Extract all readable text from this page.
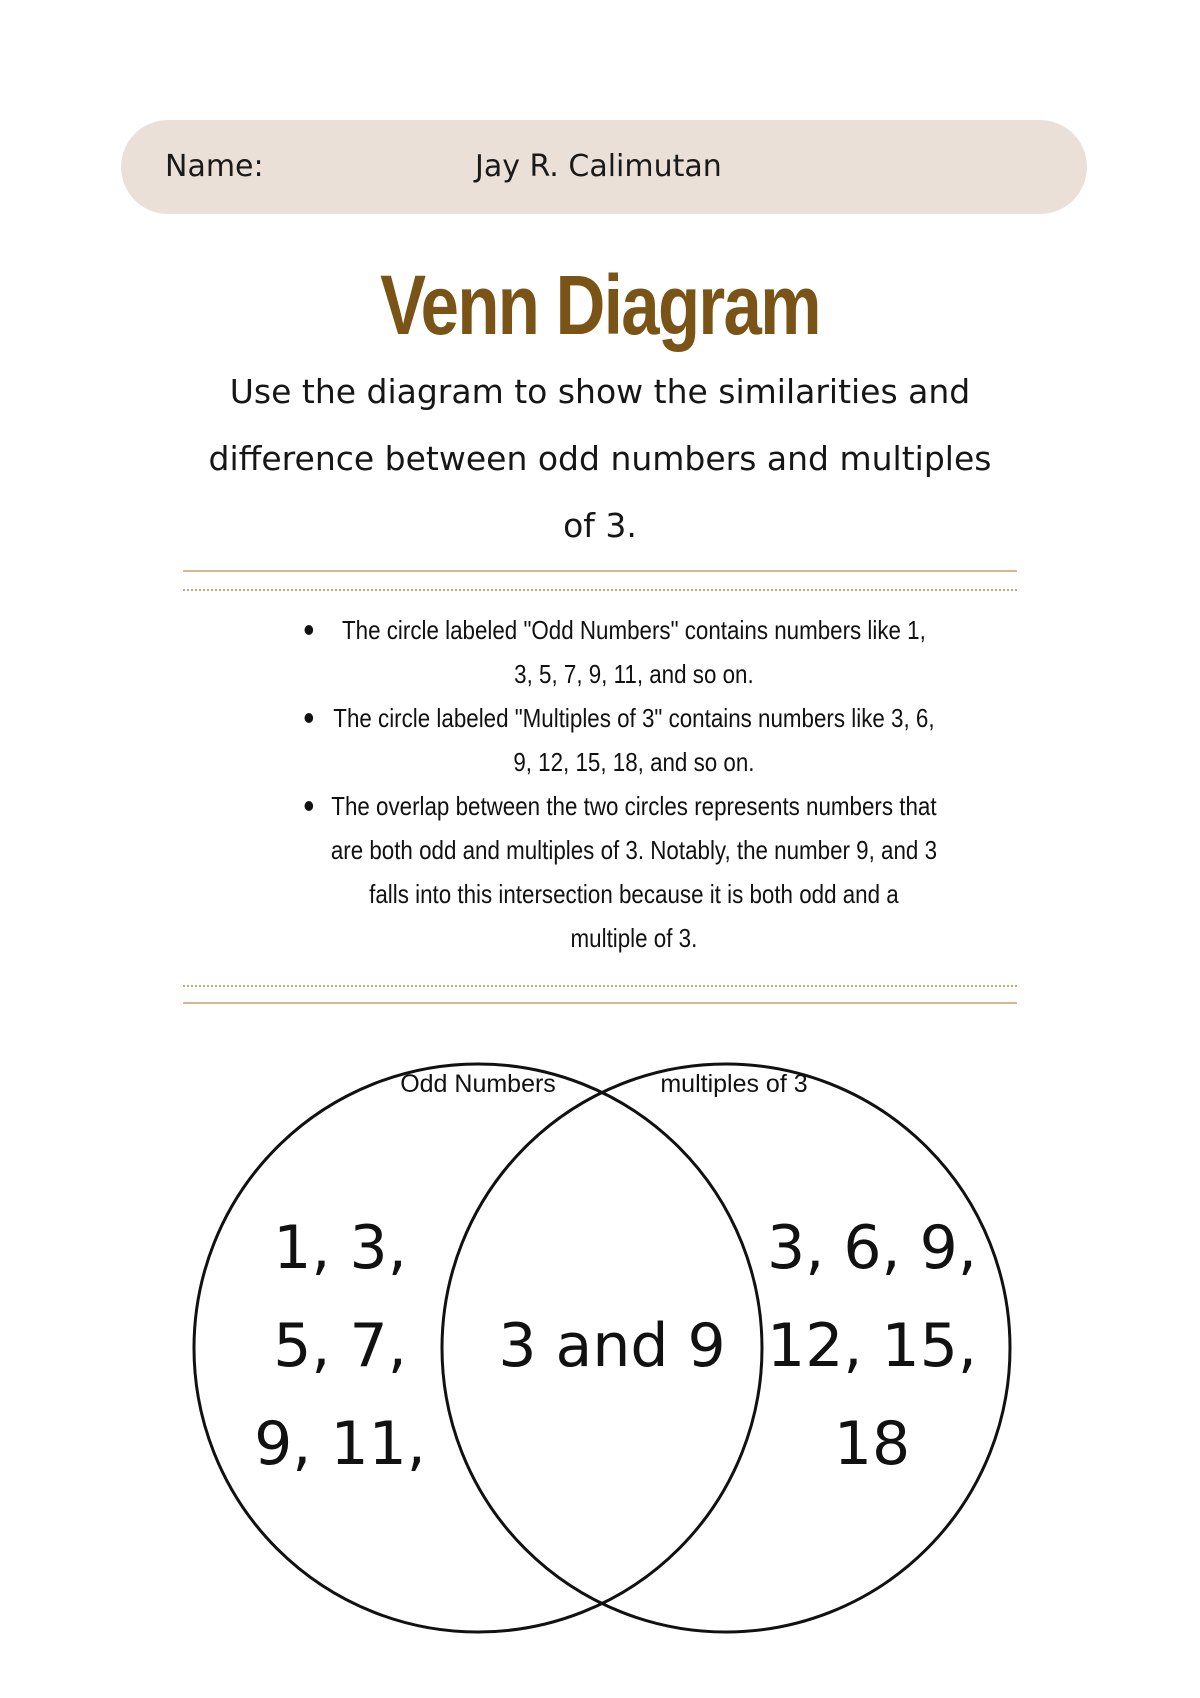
Name:	Jay R. Calimutan
Venn Diagram
Use the diagram to show the similarities and difference between odd numbers and multiples of 3.
The circle labeled "Odd Numbers" contains numbers like 1, 3, 5, 7, 9, 11, and so on.
The circle labeled "Multiples of 3" contains numbers like 3, 6, 9, 12, 15, 18, and so on.
The overlap between the two circles represents numbers that are both odd and multiples of 3. Notably, the number 9, and 3 falls into this intersection because it is both odd and a multiple of 3.
Odd Numbers	multiples of 3
1, 3,
5, 7,
9, 11,
3 and 9
3, 6, 9,
12, 15,
18
